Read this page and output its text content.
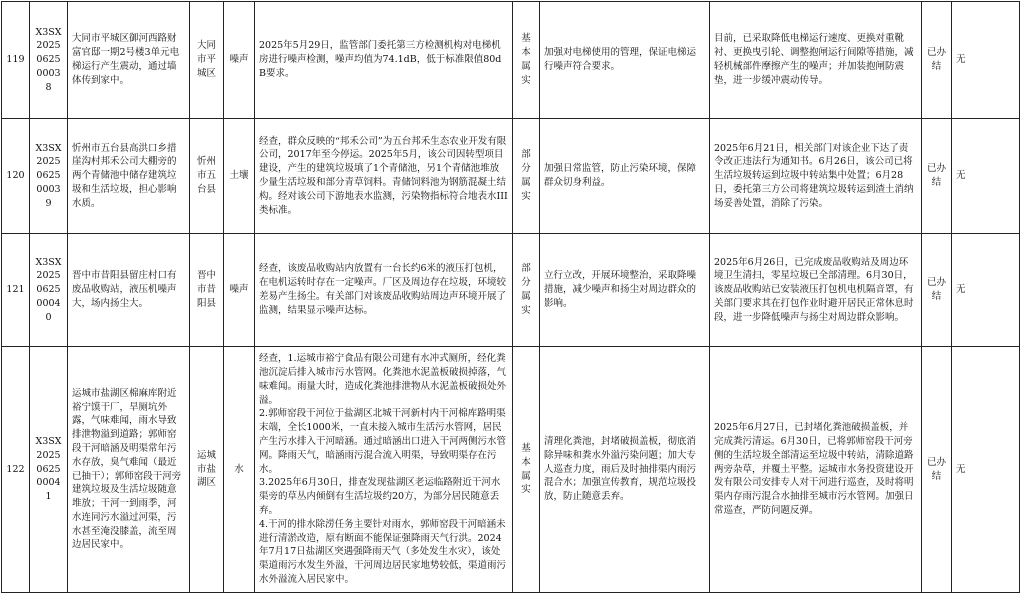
119	X3SX2025062500038	大同市平城区御河西路财富官邸一期2号楼3单元电梯运行产生震动，通过墙体传到家中。	大同市平城区	噪声	2025年5月29日，监管部门委托第三方检测机构对电梯机房进行噪声检测，噪声均值为74.1dB，低于标准限值80dB要求。	基本属实	加强对电梯使用的管理，保证电梯运行噪声符合要求。	目前，已采取降低电梯运行速度、更换对重靴衬、更换曳引轮、调整抱闸运行间隙等措施，减轻机械部件摩擦产生的噪声；并加装抱闸防震垫，进一步缓冲震动传导。	已办结	无
120	X3SX2025062500039	忻州市五台县高洪口乡措崖沟村邦禾公司大棚旁的两个青储池中储存建筑垃圾和生活垃圾，担心影响水质。	忻州市五台县	土壤	经查，群众反映的“邦禾公司”为五台邦禾生态农业开发有限公司，2017年至今停运。2025年5月，该公司因转型项目建设，产生的建筑垃圾填了1个青储池，另1个青储池堆放少量生活垃圾和部分青草饲料。青储饲料池为钢筋混凝土结构。经对该公司下游地表水监测，污染物指标符合地表水III类标准。	部分属实	加强日常监管，防止污染环境，保障群众切身利益。	2025年6月21日，相关部门对该企业下达了责令改正违法行为通知书。6月26日，该公司已将生活垃圾转运到垃圾中转站集中处置；6月28日，委托第三方公司将建筑垃圾转运到渣土消纳场妥善处置，消除了污染。	已办结	无
121	X3SX2025062500040	晋中市昔阳县留庄村口有废品收购站，液压机噪声大，场内扬尘大。	晋中市昔阳县	噪声	经查，该废品收购站内放置有一台长约6米的液压打包机，在电机运转时存在一定噪声。厂区及周边存在垃圾，环境较差易产生扬尘。有关部门对该废品收购站周边声环境开展了监测，结果显示噪声达标。	部分属实	立行立改，开展环境整治，采取降噪措施，减少噪声和扬尘对周边群众的影响。	2025年6月26日，已完成废品收购站及周边环境卫生清扫，零星垃圾已全部清理。6月30日，该废品收购站已安装液压打包机电机隔音罩，有关部门要求其在打包作业时避开居民正常休息时段，进一步降低噪声与扬尘对周边群众影响。	已办结	无
122	X3SX2025062500041	运城市盐湖区棉麻库附近裕宁馍干厂，旱厕坑外露，气味难闻，雨水导致排泄物溢到道路；郭师窑段干河暗涵及明渠常年污水存放，臭气难闻（最近已抽干）；郭师窑段干河旁建筑垃圾及生活垃圾随意堆放；干河一到雨季，河水连同污水溢过河渠，污水甚至淹没膝盖，流至周边居民家中。	运城市盐湖区	水	经查，1.运城市裕宁食品有限公司建有水冲式厕所，经化粪池沉淀后排入城市污水管网。化粪池水泥盖板破损掉落，气味难闻。雨量大时，造成化粪池排泄物从水泥盖板破损处外溢。
2.郭师窑段干河位于盐湖区北城干河新村内干河棉库路明渠末端，全长1000米，一直未接入城市生活污水管网，居民产生污水排入干河暗涵。通过暗涵出口进入干河两侧污水管网。降雨天气，暗涵雨污混合流入明渠，导致明渠存在污水。
3.2025年6月30日，排查发现盐湖区老运临路附近干河水渠旁的草丛内倾倒有生活垃圾约20方，为部分居民随意丢弃。
4.干河的排水除涝任务主要针对雨水，郭师窑段干河暗涵未进行清淤改造，原有断面不能保证强降雨天气行洪。2024年7月17日盐湖区突遇强降雨天气（多处发生水灾），该处渠道雨污水发生外溢，干河周边居民家地势较低，渠道雨污水外溢流入居民家中。	基本属实	清理化粪池，封堵破损盖板，彻底消除异味和粪水外溢污染问题；加大专人巡查力度，雨后及时抽排渠内雨污混合水；加强宣传教育，规范垃圾投放，防止随意丢弃。	2025年6月27日，已封堵化粪池破损盖板，并完成粪污清运。6月30日，已将郭师窑段干河旁侧的生活垃圾全部清运至垃圾中转站，清除道路两旁杂草，并覆土平整。运城市水务投资建设开发有限公司安排专人对干河进行巡查，及时将明渠内存雨污混合水抽排至城市污水管网。加强日常巡查，严防问题反弹。	已办结	无
